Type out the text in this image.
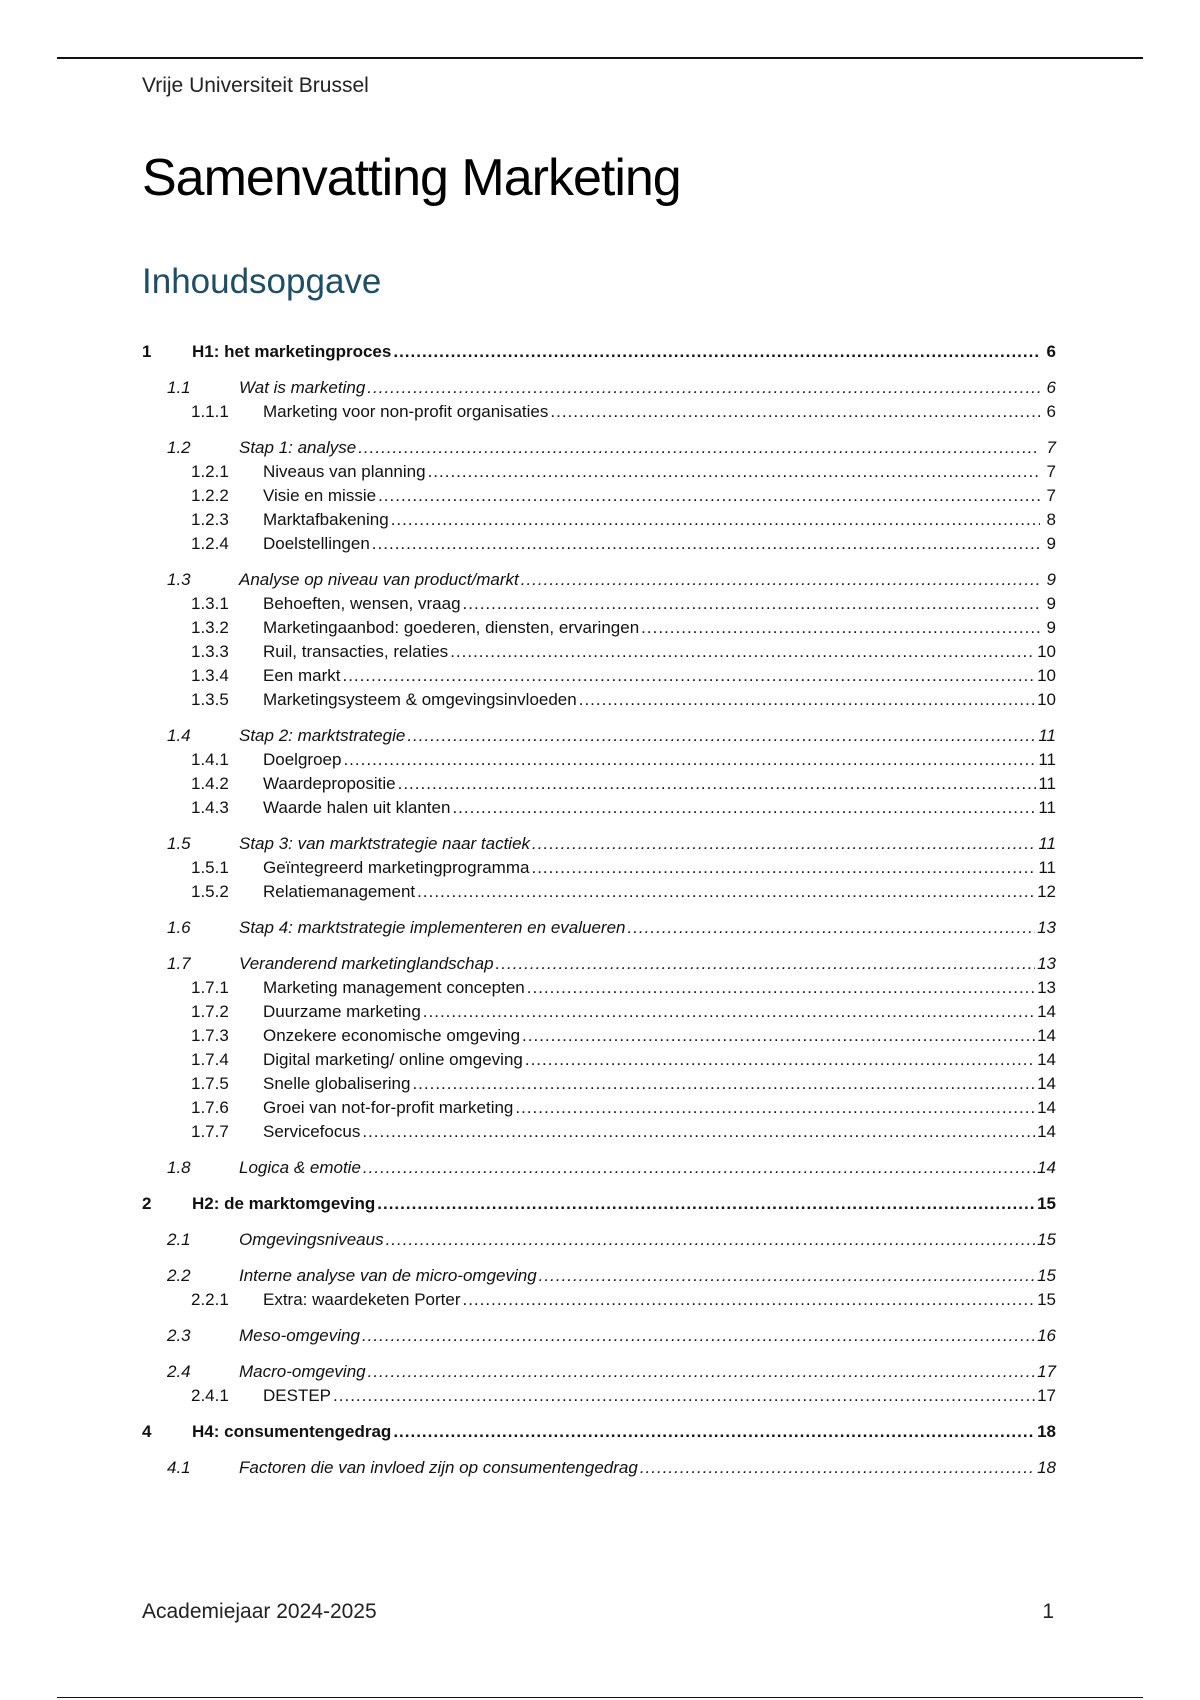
Vrije Universiteit Brussel
Samenvatting Marketing
Inhoudsopgave
1	H1: het marketingproces .....	6
1.1	Wat is marketing .....	6
1.1.1	Marketing voor non-profit organisaties .....	6
1.2	Stap 1: analyse .....	7
1.2.1	Niveaus van planning .....	7
1.2.2	Visie en missie .....	7
1.2.3	Marktafbakening .....	8
1.2.4	Doelstellingen .....	9
1.3	Analyse op niveau van product/markt .....	9
1.3.1	Behoeften, wensen, vraag .....	9
1.3.2	Marketingaanbod: goederen, diensten, ervaringen .....	9
1.3.3	Ruil, transacties, relaties .....	10
1.3.4	Een markt .....	10
1.3.5	Marketingsysteem & omgevingsinvloeden .....	10
1.4	Stap 2: marktstrategie .....	11
1.4.1	Doelgroep .....	11
1.4.2	Waardepropositie .....	11
1.4.3	Waarde halen uit klanten .....	11
1.5	Stap 3: van marktstrategie naar tactiek .....	11
1.5.1	Geïntegreerd marketingprogramma .....	11
1.5.2	Relatiemanagement .....	12
1.6	Stap 4: marktstrategie implementeren en evalueren .....	13
1.7	Veranderend marketinglandschap .....	13
1.7.1	Marketing management concepten .....	13
1.7.2	Duurzame marketing .....	14
1.7.3	Onzekere economische omgeving .....	14
1.7.4	Digital marketing/ online omgeving .....	14
1.7.5	Snelle globalisering .....	14
1.7.6	Groei van not-for-profit marketing .....	14
1.7.7	Servicefocus .....	14
1.8	Logica & emotie .....	14
2	H2: de marktomgeving .....	15
2.1	Omgevingsniveaus .....	15
2.2	Interne analyse van de micro-omgeving .....	15
2.2.1	Extra: waardeketen Porter .....	15
2.3	Meso-omgeving .....	16
2.4	Macro-omgeving .....	17
2.4.1	DESTEP .....	17
4	H4: consumentengedrag .....	18
4.1	Factoren die van invloed zijn op consumentengedrag .....	18
Academiejaar 2024-2025	1
